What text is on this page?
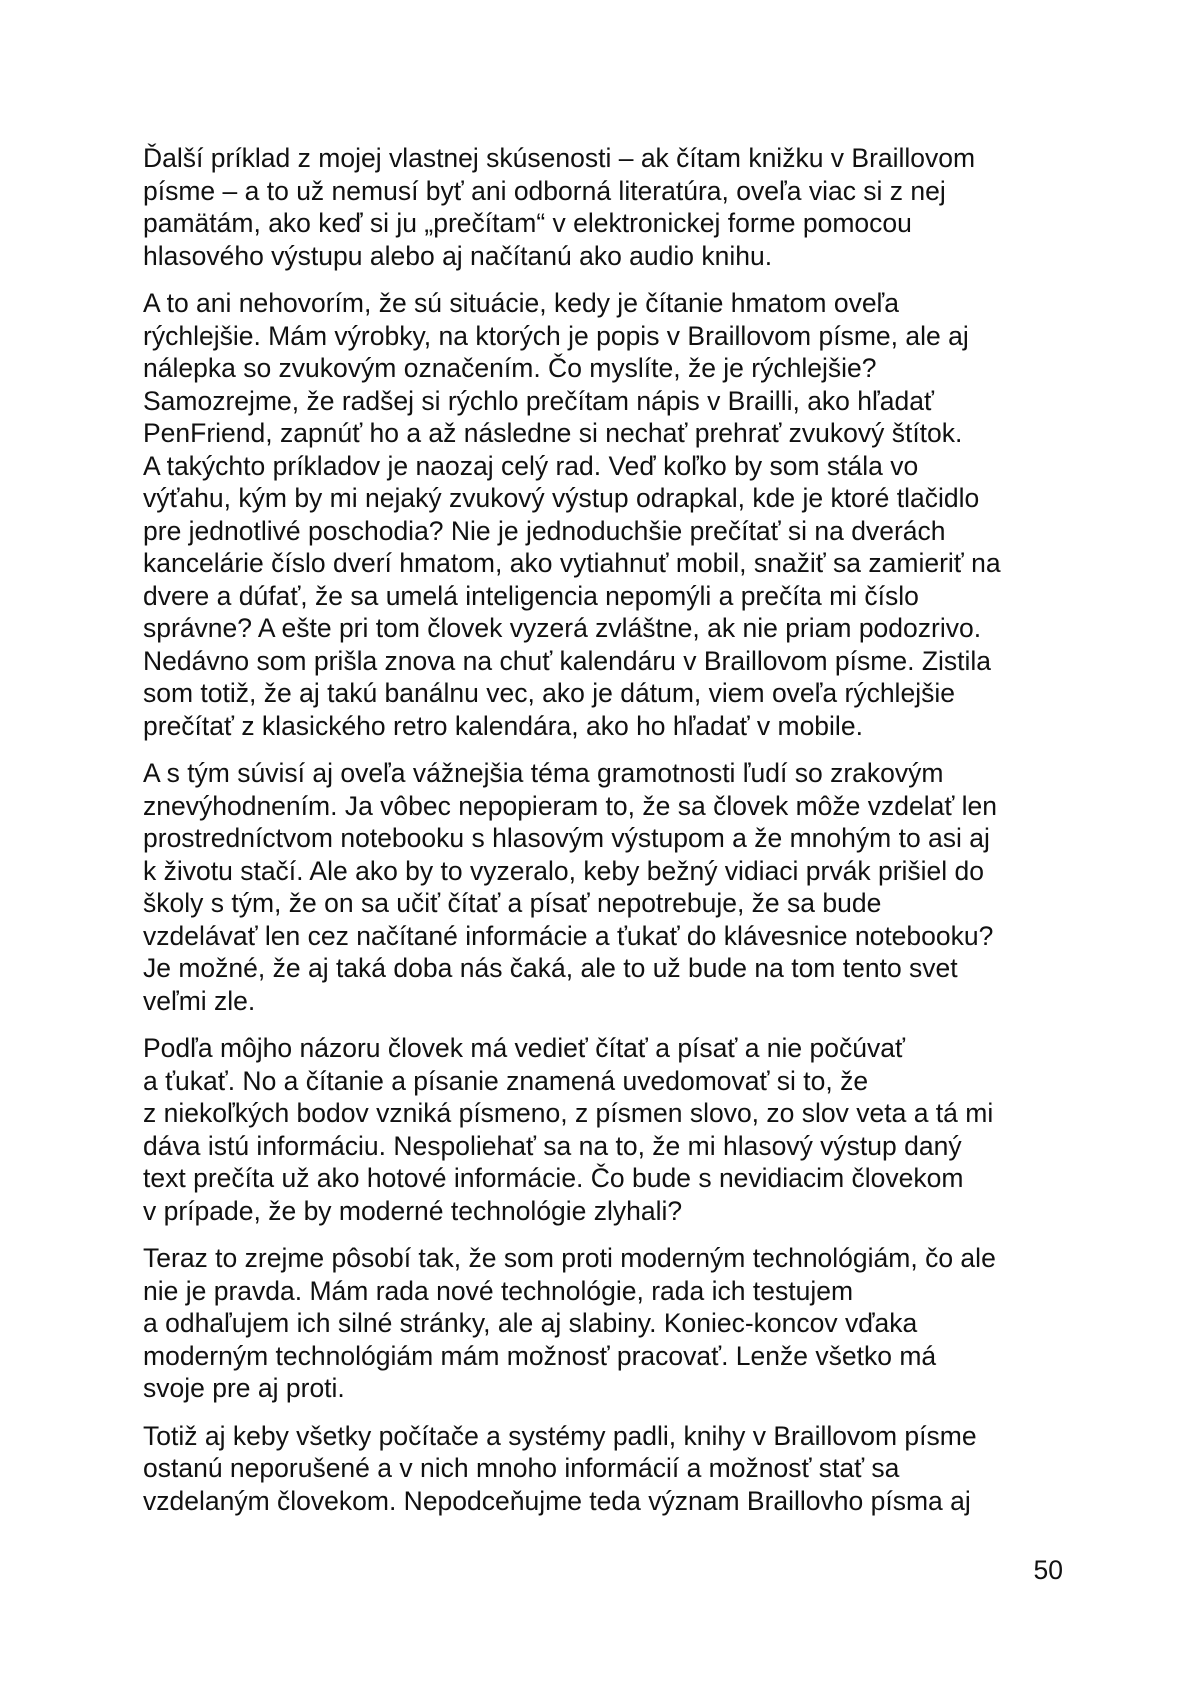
Ďalší príklad z mojej vlastnej skúsenosti – ak čítam knižku v Braillovom
písme – a to už nemusí byť ani odborná literatúra, oveľa viac si z nej
pamätám, ako keď si ju „prečítam“ v elektronickej forme pomocou
hlasového výstupu alebo aj načítanú ako audio knihu.

A to ani nehovorím, že sú situácie, kedy je čítanie hmatom oveľa
rýchlejšie. Mám výrobky, na ktorých je popis v Braillovom písme, ale aj
nálepka so zvukovým označením. Čo myslíte, že je rýchlejšie?
Samozrejme, že radšej si rýchlo prečítam nápis v Brailli, ako hľadať
PenFriend, zapnúť ho a až následne si nechať prehrať zvukový štítok.
A takýchto príkladov je naozaj celý rad. Veď koľko by som stála vo
výťahu, kým by mi nejaký zvukový výstup odrapkal, kde je ktoré tlačidlo
pre jednotlivé poschodia? Nie je jednoduchšie prečítať si na dverách
kancelárie číslo dverí hmatom, ako vytiahnuť mobil, snažiť sa zamieriť na
dvere a dúfať, že sa umelá inteligencia nepomýli a prečíta mi číslo
správne? A ešte pri tom človek vyzerá zvláštne, ak nie priam podozrivo.
Nedávno som prišla znova na chuť kalendáru v Braillovom písme. Zistila
som totiž, že aj takú banálnu vec, ako je dátum, viem oveľa rýchlejšie
prečítať z klasického retro kalendára, ako ho hľadať v mobile.

A s tým súvisí aj oveľa vážnejšia téma gramotnosti ľudí so zrakovým
znevýhodnením. Ja vôbec nepopieram to, že sa človek môže vzdelať len
prostredníctvom notebooku s hlasovým výstupom a že mnohým to asi aj
k životu stačí. Ale ako by to vyzeralo, keby bežný vidiaci prvák prišiel do
školy s tým, že on sa učiť čítať a písať nepotrebuje, že sa bude
vzdelávať len cez načítané informácie a ťukať do klávesnice notebooku?
Je možné, že aj taká doba nás čaká, ale to už bude na tom tento svet
veľmi zle.

Podľa môjho názoru človek má vedieť čítať a písať a nie počúvať
a ťukať. No a čítanie a písanie znamená uvedomovať si to, že
z niekoľkých bodov vzniká písmeno, z písmen slovo, zo slov veta a tá mi
dáva istú informáciu. Nespoliehať sa na to, že mi hlasový výstup daný
text prečíta už ako hotové informácie. Čo bude s nevidiacim človekom
v prípade, že by moderné technológie zlyhali?

Teraz to zrejme pôsobí tak, že som proti moderným technológiám, čo ale
nie je pravda. Mám rada nové technológie, rada ich testujem
a odhaľujem ich silné stránky, ale aj slabiny. Koniec-koncov vďaka
moderným technológiám mám možnosť pracovať. Lenže všetko má
svoje pre aj proti.

Totiž aj keby všetky počítače a systémy padli, knihy v Braillovom písme
ostanú neporušené a v nich mnoho informácií a možnosť stať sa
vzdelaným človekom. Nepodceňujme teda význam Braillovho písma aj

50
